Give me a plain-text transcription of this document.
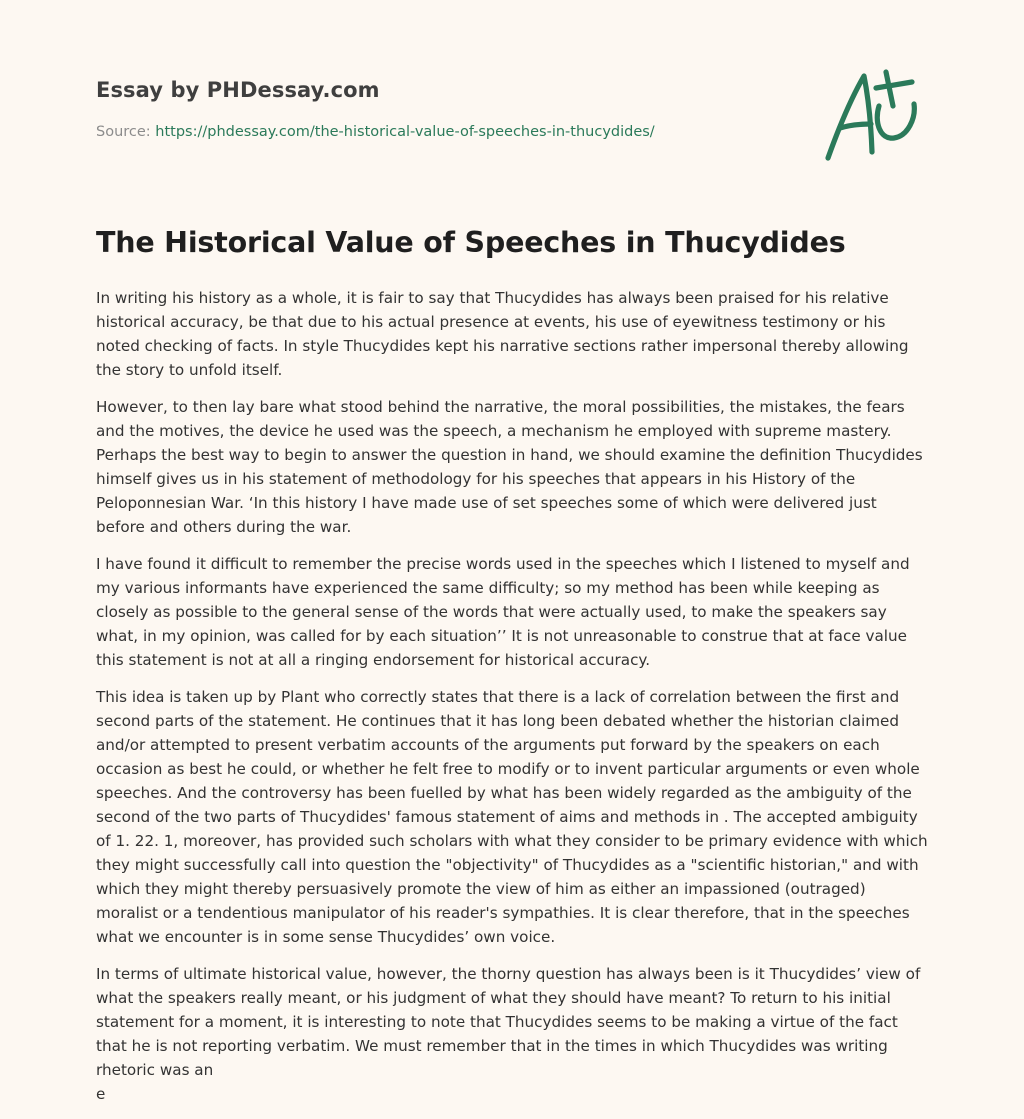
Essay by PHDessay.com

Source: https://phdessay.com/the-historical-value-of-speeches-in-thucydides/

The Historical Value of Speeches in Thucydides

In writing his history as a whole, it is fair to say that Thucydides has always been praised for his relative historical accuracy, be that due to his actual presence at events, his use of eyewitness testimony or his noted checking of facts. In style Thucydides kept his narrative sections rather impersonal thereby allowing the story to unfold itself.

However, to then lay bare what stood behind the narrative, the moral possibilities, the mistakes, the fears and the motives, the device he used was the speech, a mechanism he employed with supreme mastery. Perhaps the best way to begin to answer the question in hand, we should examine the definition Thucydides himself gives us in his statement of methodology for his speeches that appears in his History of the Peloponnesian War. ‘In this history I have made use of set speeches some of which were delivered just before and others during the war.

I have found it difficult to remember the precise words used in the speeches which I listened to myself and my various informants have experienced the same difficulty; so my method has been while keeping as closely as possible to the general sense of the words that were actually used, to make the speakers say what, in my opinion, was called for by each situation’’ It is not unreasonable to construe that at face value this statement is not at all a ringing endorsement for historical accuracy.

This idea is taken up by Plant who correctly states that there is a lack of correlation between the first and second parts of the statement. He continues that it has long been debated whether the historian claimed and/or attempted to present verbatim accounts of the arguments put forward by the speakers on each occasion as best he could, or whether he felt free to modify or to invent particular arguments or even whole speeches. And the controversy has been fuelled by what has been widely regarded as the ambiguity of the second of the two parts of Thucydides' famous statement of aims and methods in . The accepted ambiguity of 1. 22. 1, moreover, has provided such scholars with what they consider to be primary evidence with which they might successfully call into question the "objectivity" of Thucydides as a "scientific historian," and with which they might thereby persuasively promote the view of him as either an impassioned (outraged) moralist or a tendentious manipulator of his reader's sympathies. It is clear therefore, that in the speeches what we encounter is in some sense Thucydides’ own voice.

In terms of ultimate historical value, however, the thorny question has always been is it Thucydides’ view of what the speakers really meant, or his judgment of what they should have meant? To return to his initial statement for a moment, it is interesting to note that Thucydides seems to be making a virtue of the fact that he is not reporting verbatim. We must remember that in the times in which Thucydides was writing rhetoric was an

e
